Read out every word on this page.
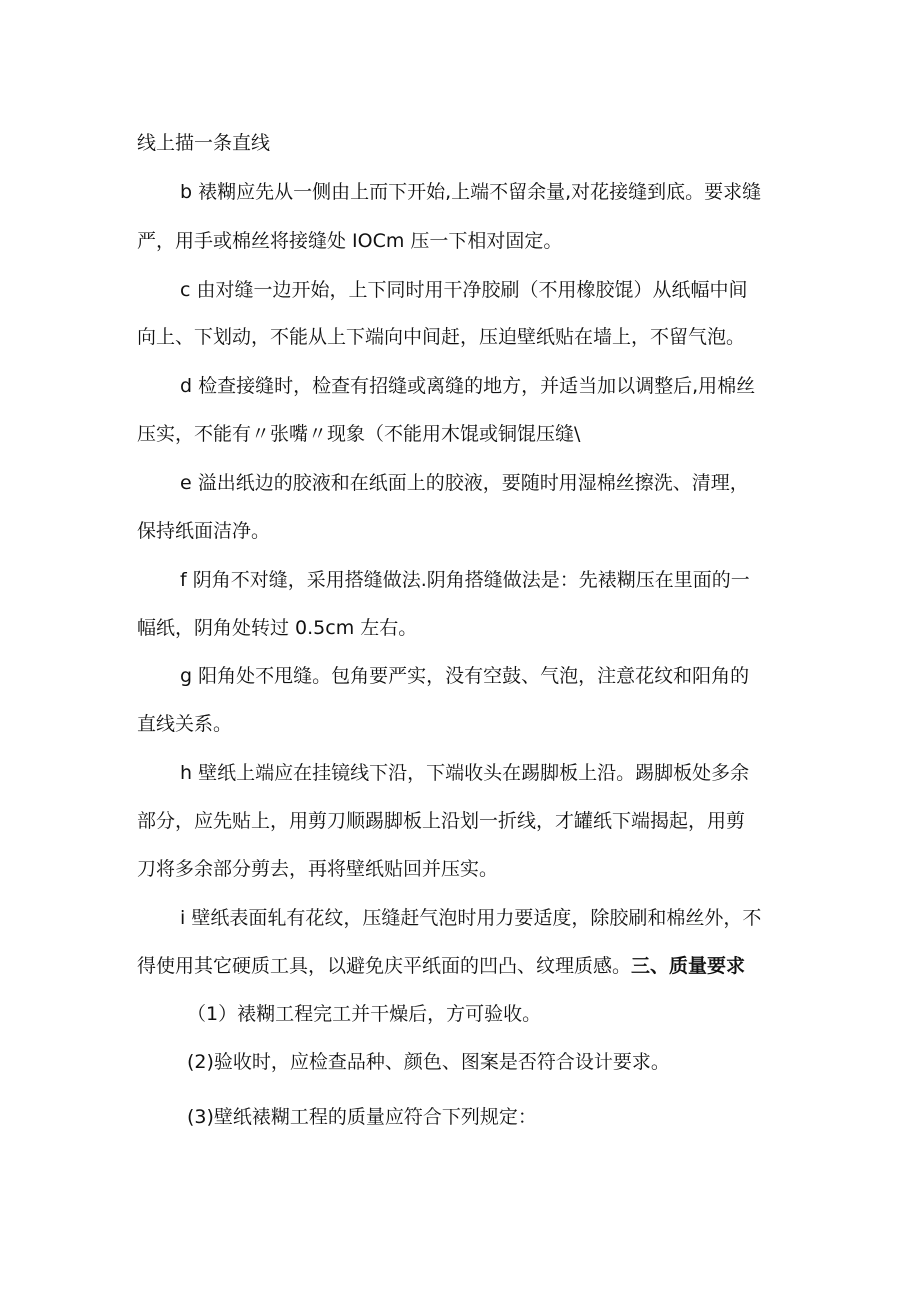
线上描一条直线
b 裱糊应先从一侧由上而下开始,上端不留余量,对花接缝到底。要求缝
严，用手或棉丝将接缝处 IOCm 压一下相对固定。
c 由对缝一边开始，上下同时用干净胶刷（不用橡胶馄）从纸幅中间
向上、下划动，不能从上下端向中间赶，压迫壁纸贴在墙上，不留气泡。
d 检查接缝时，检查有招缝或离缝的地方，并适当加以调整后,用棉丝
压实，不能有〃张嘴〃现象（不能用木馄或铜馄压缝\
e 溢出纸边的胶液和在纸面上的胶液，要随时用湿棉丝擦洗、清理，
保持纸面洁净。
f 阴角不对缝，采用搭缝做法.阴角搭缝做法是：先裱糊压在里面的一
幅纸，阴角处转过 0.5cm 左右。
g 阳角处不甩缝。包角要严实，没有空鼓、气泡，注意花纹和阳角的
直线关系。
h 壁纸上端应在挂镜线下沿，下端收头在踢脚板上沿。踢脚板处多余
部分，应先贴上，用剪刀顺踢脚板上沿划一折线，才罐纸下端揭起，用剪
刀将多余部分剪去，再将壁纸贴回并压实。
i 壁纸表面轧有花纹，压缝赶气泡时用力要适度，除胶刷和棉丝外，不
得使用其它硬质工具，以避免庆平纸面的凹凸、纹理质感。三、质量要求
（1）裱糊工程完工并干燥后，方可验收。
(2)验收时，应检查品种、颜色、图案是否符合设计要求。
(3)壁纸裱糊工程的质量应符合下列规定：
